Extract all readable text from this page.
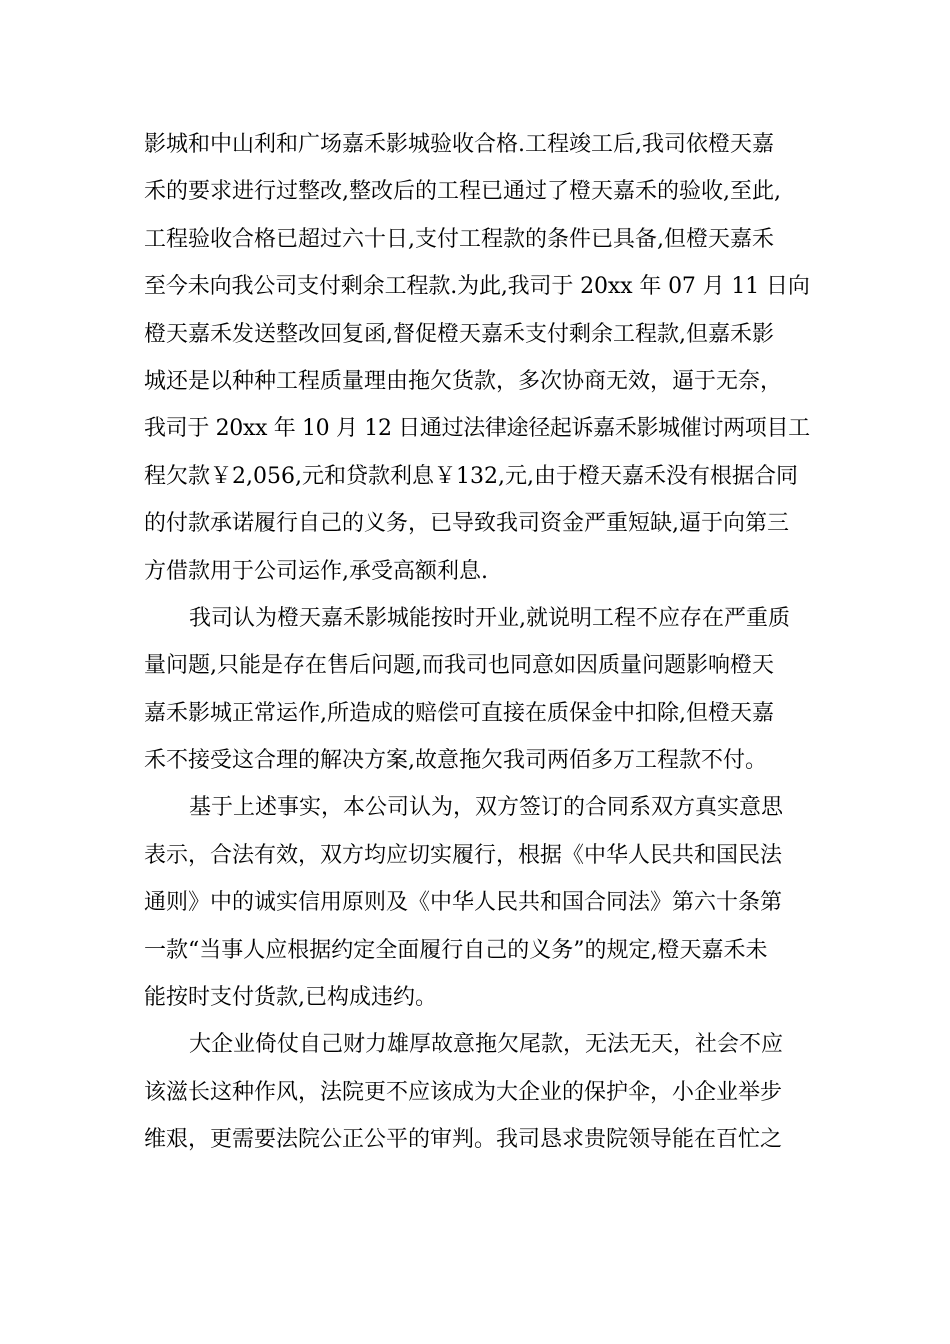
影城和中山利和广场嘉禾影城验收合格.工程竣工后,我司依橙天嘉
禾的要求进行过整改,整改后的工程已通过了橙天嘉禾的验收,至此,
工程验收合格已超过六十日,支付工程款的条件已具备,但橙天嘉禾
至今未向我公司支付剩余工程款.为此,我司于 20xx 年 07 月 11 日向
橙天嘉禾发送整改回复函,督促橙天嘉禾支付剩余工程款,但嘉禾影
城还是以种种工程质量理由拖欠货款，多次协商无效，逼于无奈，
我司于 20xx 年 10 月 12 日通过法律途径起诉嘉禾影城催讨两项目工
程欠款￥2,056,元和贷款利息￥132,元,由于橙天嘉禾没有根据合同
的付款承诺履行自己的义务，已导致我司资金严重短缺,逼于向第三
方借款用于公司运作,承受高额利息.
我司认为橙天嘉禾影城能按时开业,就说明工程不应存在严重质
量问题,只能是存在售后问题,而我司也同意如因质量问题影响橙天
嘉禾影城正常运作,所造成的赔偿可直接在质保金中扣除,但橙天嘉
禾不接受这合理的解决方案,故意拖欠我司两佰多万工程款不付。
基于上述事实，本公司认为，双方签订的合同系双方真实意思
表示，合法有效，双方均应切实履行，根据《中华人民共和国民法
通则》中的诚实信用原则及《中华人民共和国合同法》第六十条第
一款“当事人应根据约定全面履行自己的义务”的规定,橙天嘉禾未
能按时支付货款,已构成违约。
大企业倚仗自己财力雄厚故意拖欠尾款，无法无天，社会不应
该滋长这种作风，法院更不应该成为大企业的保护伞，小企业举步
维艰，更需要法院公正公平的审判。我司恳求贵院领导能在百忙之
